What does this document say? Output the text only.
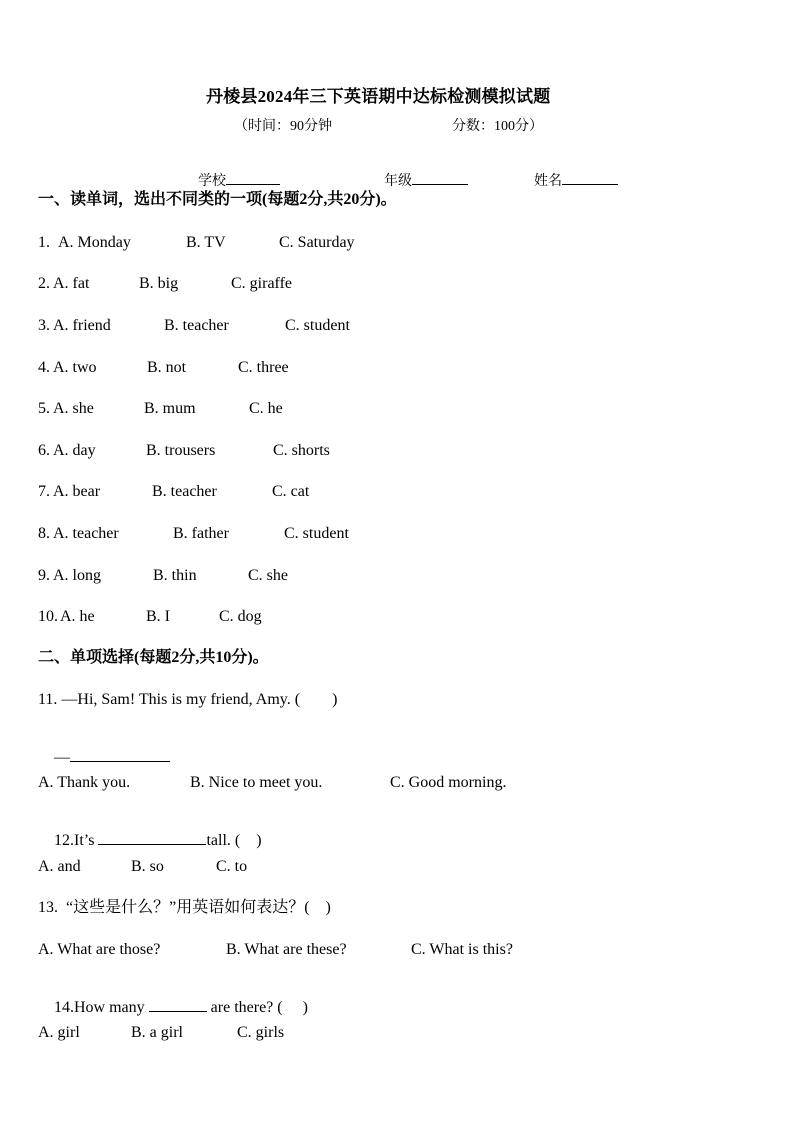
丹棱县2024年三下英语期中达标检测模拟试题
（时间：90分钟	分数：100分）

学校
	年级
	姓名

一、读单词，选出不同类的一项(每题2分,共20分)。
1. A. Monday	B. TV	C. Saturday
2. A. fat	B. big	C. giraffe
3. A. friend	B. teacher	C. student
4. A. two	B. not	C. three
5. A. she	B. mum	C. he
6. A. day	B. trousers	C. shorts
7. A. bear	B. teacher	C. cat
8. A. teacher	B. father	C. student
9. A. long	B. thin	C. she
10. A. he	B. I	C. dog
二、单项选择(每题2分,共10分)。
11. —Hi, Sam! This is my friend, Amy. (　　)

—

A. Thank you.	B. Nice to meet you.	C. Good morning.

12.It’s	tall. (　)

A. and	B. so	C. to
13.  “这些是什么？”用英语如何表达？(　)
A. What are those?	B. What are these?	C. What is this?

14.How many	are there? (　 )

A. girl	B. a girl	C. girls
